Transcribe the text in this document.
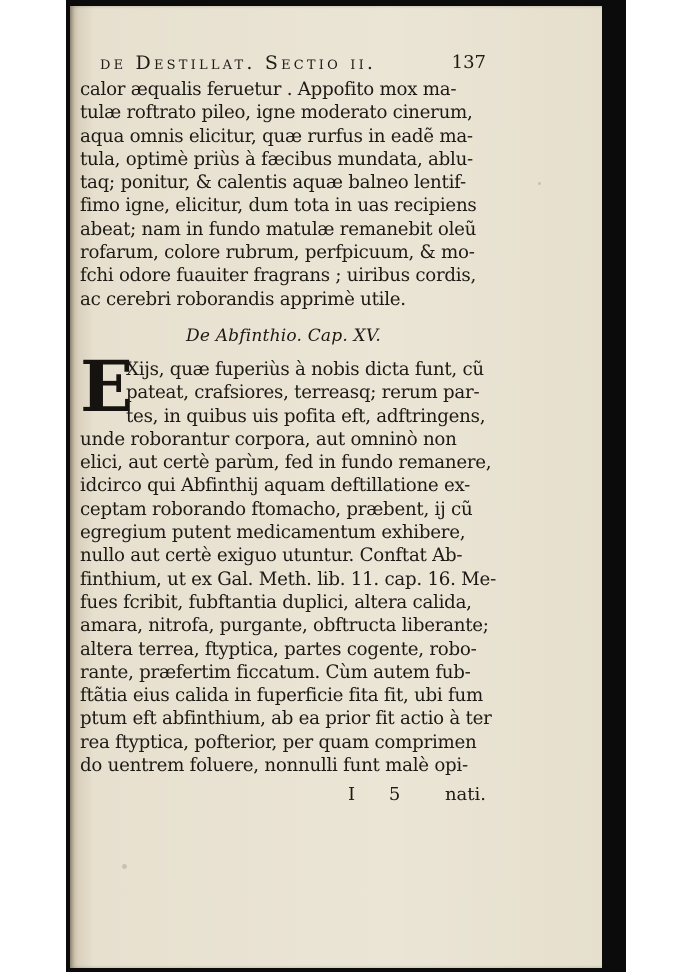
de Destillat. Sectio ii.	137
calor æqualis feruetur . Appofito mox ma-
tulæ roftrato pileo, igne moderato cinerum,
aqua omnis elicitur, quæ rurfus in eadẽ ma-
tula, optimè priùs à fæcibus mundata, ablu-
taq; ponitur, & calentis aquæ balneo lentif-
fimo igne, elicitur, dum tota in uas recipiens
abeat; nam in fundo matulæ remanebit oleũ
rofarum, colore rubrum, perfpicuum, & mo-
fchi odore fuauiter fragrans ; uiribus cordis,
ac cerebri roborandis apprimè utile.
De Abfinthio. Cap. XV.
E
Xijs, quæ fuperiùs à nobis dicta funt, cũ
pateat, crafsiores, terreasq; rerum par-
tes, in quibus uis pofita eft, adftringens,
unde roborantur corpora, aut omninò non
elici, aut certè parùm, fed in fundo remanere,
idcirco qui Abfinthij aquam deftillatione ex-
ceptam roborando ftomacho, præbent, ij cũ
egregium putent medicamentum exhibere,
nullo aut certè exiguo utuntur. Conftat Ab-
finthium, ut ex Gal. Meth. lib. 11. cap. 16. Me-
fues fcribit, fubftantia duplici, altera calida,
amara, nitrofa, purgante, obftructa liberante;
altera terrea, ftyptica, partes cogente, robo-
rante, præfertim ficcatum. Cùm autem fub-
ftãtia eius calida in fuperficie fita fit, ubi fum
ptum eft abfinthium, ab ea prior fit actio à ter
rea ftyptica, pofterior, per quam comprimen
do uentrem foluere, nonnulli funt malè opi-
I 5 nati.
